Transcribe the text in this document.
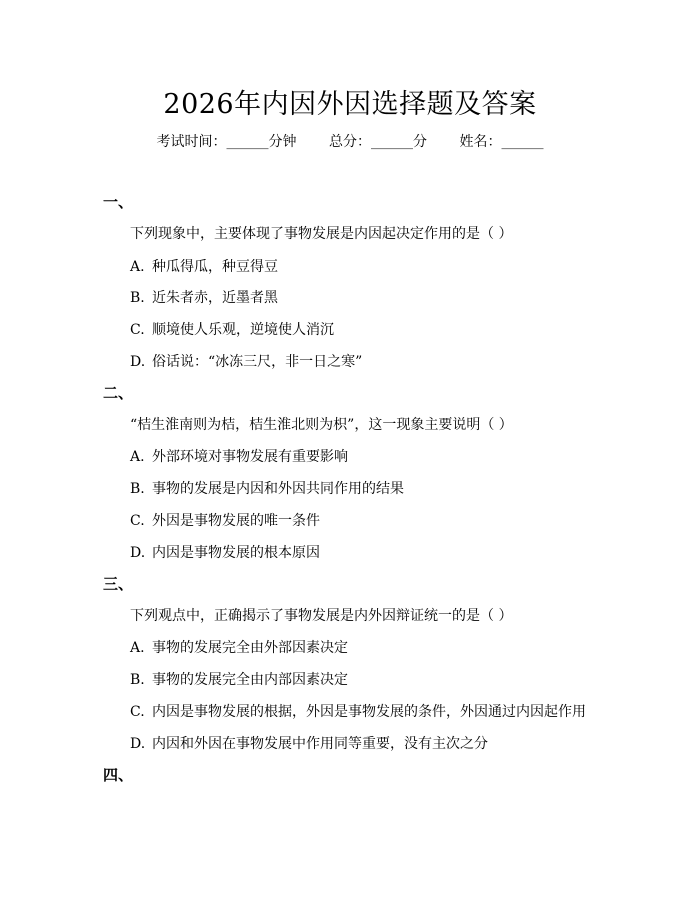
2026年内因外因选择题及答案
考试时间：______分钟 总分：______分 姓名：______
一、
下列现象中，主要体现了事物发展是内因起决定作用的是（ ）
A. 种瓜得瓜，种豆得豆
B. 近朱者赤，近墨者黑
C. 顺境使人乐观，逆境使人消沉
D. 俗话说：“冰冻三尺，非一日之寒”
二、
“桔生淮南则为桔，桔生淮北则为枳”，这一现象主要说明（ ）
A. 外部环境对事物发展有重要影响
B. 事物的发展是内因和外因共同作用的结果
C. 外因是事物发展的唯一条件
D. 内因是事物发展的根本原因
三、
下列观点中，正确揭示了事物发展是内外因辩证统一的是（ ）
A. 事物的发展完全由外部因素决定
B. 事物的发展完全由内部因素决定
C. 内因是事物发展的根据，外因是事物发展的条件，外因通过内因起作用
D. 内因和外因在事物发展中作用同等重要，没有主次之分
四、
